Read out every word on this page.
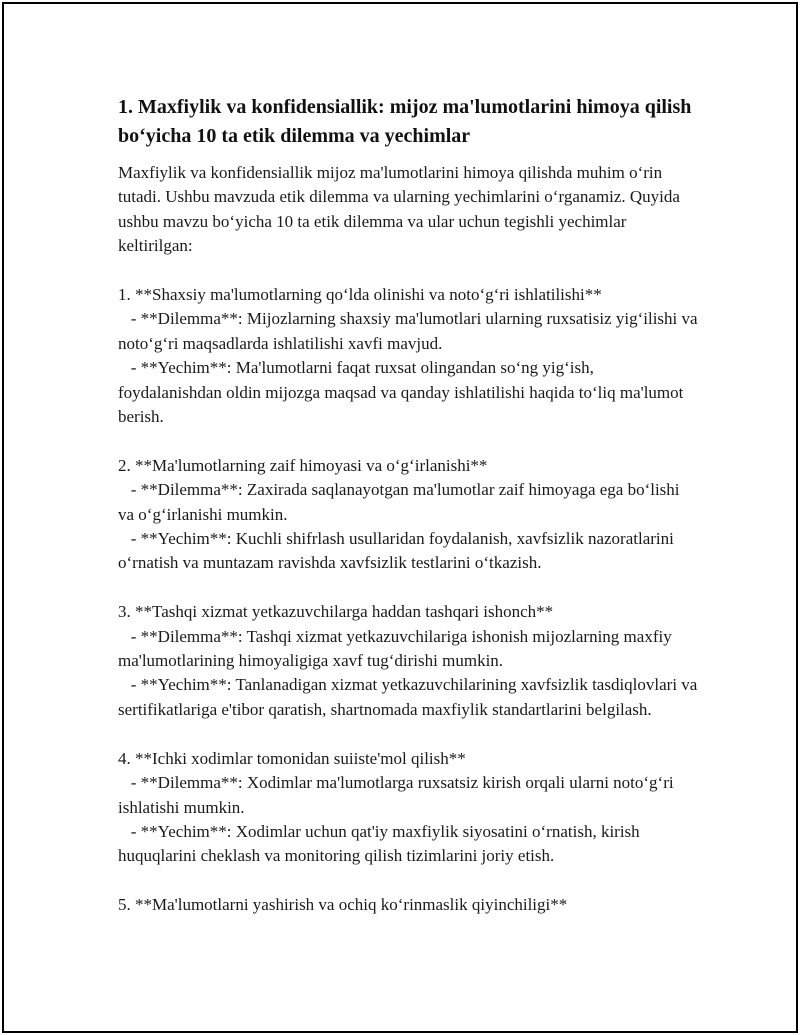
1. Maxfiylik va konfidensiallik: mijoz ma'lumotlarini himoya qilish bo‘yicha 10 ta etik dilemma va yechimlar

Maxfiylik va konfidensiallik mijoz ma'lumotlarini himoya qilishda muhim o‘rin tutadi. Ushbu mavzuda etik dilemma va ularning yechimlarini o‘rganamiz. Quyida ushbu mavzu bo‘yicha 10 ta etik dilemma va ular uchun tegishli yechimlar keltirilgan:

1. **Shaxsiy ma'lumotlarning qo‘lda olinishi va noto‘g‘ri ishlatilishi**

- **Dilemma**: Mijozlarning shaxsiy ma'lumotlari ularning ruxsatisiz yig‘ilishi va noto‘g‘ri maqsadlarda ishlatilishi xavfi mavjud.

- **Yechim**: Ma'lumotlarni faqat ruxsat olingandan so‘ng yig‘ish, foydalanishdan oldin mijozga maqsad va qanday ishlatilishi haqida to‘liq ma'lumot berish.

2. **Ma'lumotlarning zaif himoyasi va o‘g‘irlanishi**

- **Dilemma**: Zaxirada saqlanayotgan ma'lumotlar zaif himoyaga ega bo‘lishi va o‘g‘irlanishi mumkin.

- **Yechim**: Kuchli shifrlash usullaridan foydalanish, xavfsizlik nazoratlarini o‘rnatish va muntazam ravishda xavfsizlik testlarini o‘tkazish.

3. **Tashqi xizmat yetkazuvchilarga haddan tashqari ishonch**

- **Dilemma**: Tashqi xizmat yetkazuvchilariga ishonish mijozlarning maxfiy ma'lumotlarining himoyaligiga xavf tug‘dirishi mumkin.

- **Yechim**: Tanlanadigan xizmat yetkazuvchilarining xavfsizlik tasdiqlovlari va sertifikatlariga e'tibor qaratish, shartnomada maxfiylik standartlarini belgilash.

4. **Ichki xodimlar tomonidan suiiste'mol qilish**

- **Dilemma**: Xodimlar ma'lumotlarga ruxsatsiz kirish orqali ularni noto‘g‘ri ishlatishi mumkin.

- **Yechim**: Xodimlar uchun qat'iy maxfiylik siyosatini o‘rnatish, kirish huquqlarini cheklash va monitoring qilish tizimlarini joriy etish.

5. **Ma'lumotlarni yashirish va ochiq ko‘rinmaslik qiyinchiligi**
